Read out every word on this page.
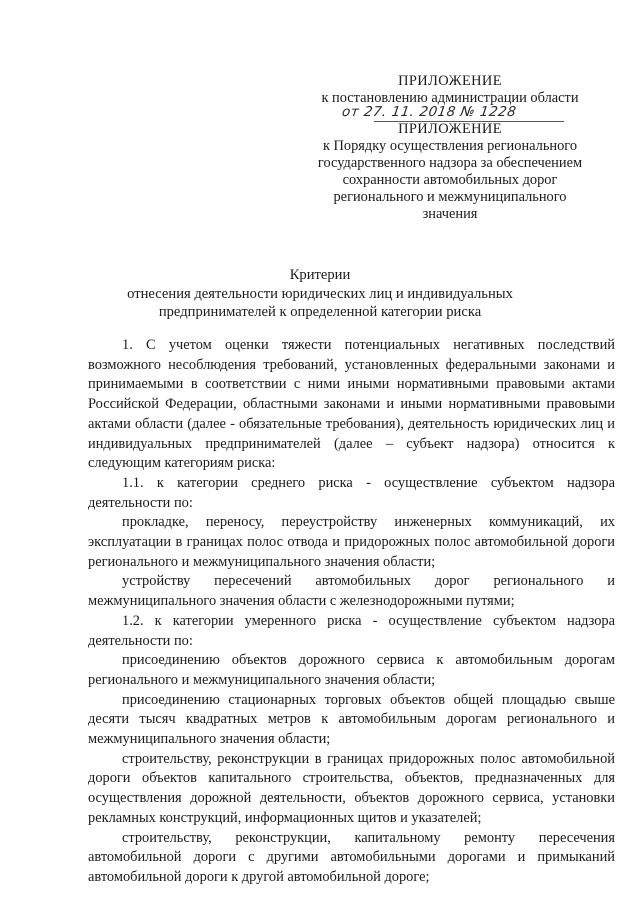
ПРИЛОЖЕНИЕ
к постановлению администрации области
от 27. 11. 2018 № 1228
ПРИЛОЖЕНИЕ
к Порядку осуществления регионального
государственного надзора за обеспечением
сохранности автомобильных дорог
регионального и межмуниципального
значения
Критерии
отнесения деятельности юридических лиц и индивидуальных
предпринимателей к определенной категории риска

1. С учетом оценки тяжести потенциальных негативных последствий возможного несоблюдения требований, установленных федеральными законами и принимаемыми в соответствии с ними иными нормативными правовыми актами Российской Федерации, областными законами и иными нормативными правовыми актами области (далее - обязательные требования), деятельность юридических лиц и индивидуальных предпринимателей (далее – субъект надзора) относится к следующим категориям риска:

1.1. к категории среднего риска - осуществление субъектом надзора деятельности по:

прокладке, переносу, переустройству инженерных коммуникаций, их эксплуатации в границах полос отвода и придорожных полос автомобильной дороги регионального и межмуниципального значения области;

устройству пересечений автомобильных дорог регионального и межмуниципального значения области с железнодорожными путями;

1.2. к категории умеренного риска - осуществление субъектом надзора деятельности по:

присоединению объектов дорожного сервиса к автомобильным дорогам регионального и межмуниципального значения области;

присоединению стационарных торговых объектов общей площадью свыше десяти тысяч квадратных метров к автомобильным дорогам регионального и межмуниципального значения области;

строительству, реконструкции в границах придорожных полос автомобильной дороги объектов капитального строительства, объектов, предназначенных для осуществления дорожной деятельности, объектов дорожного сервиса, установки рекламных конструкций, информационных щитов и указателей;

строительству, реконструкции, капитальному ремонту пересечения автомобильной дороги с другими автомобильными дорогами и примыканий автомобильной дороги к другой автомобильной дороге;
